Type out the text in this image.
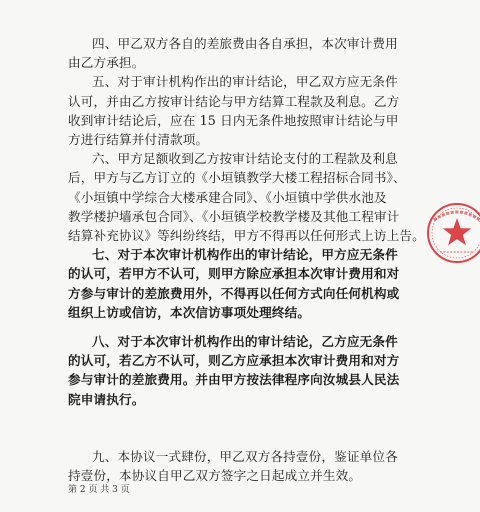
四、甲乙双方各自的差旅费由各自承担，本次审计费用
由乙方承担。
五、对于审计机构作出的审计结论，甲乙双方应无条件
认可，并由乙方按审计结论与甲方结算工程款及利息。乙方
收到审计结论后，应在 15 日内无条件地按照审计结论与甲
方进行结算并付清款项。
六、甲方足额收到乙方按审计结论支付的工程款及利息
后，甲方与乙方订立的《小垣镇教学大楼工程招标合同书》、
《小垣镇中学综合大楼承建合同》、《小垣镇中学供水池及
教学楼护墙承包合同》、《小垣镇学校教学楼及其他工程审计
结算补充协议》等纠纷终结，甲方不得再以任何形式上访上告。
七、对于本次审计机构作出的审计结论，甲方应无条件
的认可，若甲方不认可，则甲方除应承担本次审计费用和对
方参与审计的差旅费用外，不得再以任何方式向任何机构或
组织上访或信访，本次信访事项处理终结。
八、对于本次审计机构作出的审计结论，乙方应无条件
的认可，若乙方不认可，则乙方应承担本次审计费用和对方
参与审计的差旅费用。并由甲方按法律程序向汝城县人民法
院申请执行。
第 2 页 共 3 页
九、本协议一式肆份，甲乙双方各持壹份，鉴证单位各
持壹份，本协议自甲乙双方签字之日起成立并生效。
